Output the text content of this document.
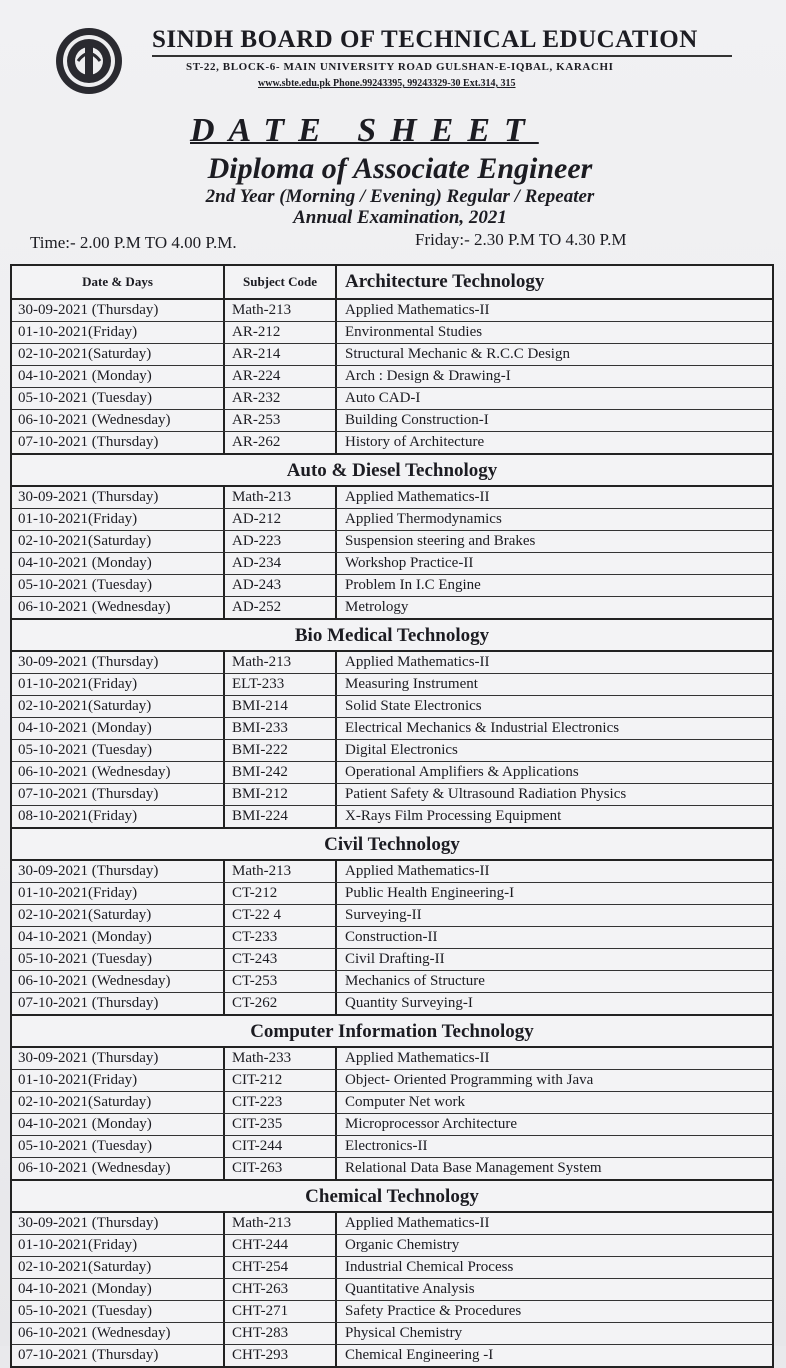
SINDH BOARD OF TECHNICAL EDUCATION
ST-22, BLOCK-6- MAIN UNIVERSITY ROAD GULSHAN-E-IQBAL, KARACHI
www.sbte.edu.pk Phone.99243395, 99243329-30 Ext.314, 315
DATE SHEET
Diploma of Associate Engineer
2nd Year (Morning / Evening) Regular / Repeater
Annual Examination, 2021
Time:- 2.00 P.M TO 4.00 P.M.	Friday:- 2.30 P.M TO 4.30 P.M
Date & Days	Subject Code	Architecture Technology
30-09-2021 (Thursday)	Math-213	Applied Mathematics-II
01-10-2021(Friday)	AR-212	Environmental Studies
02-10-2021(Saturday)	AR-214	Structural Mechanic & R.C.C Design
04-10-2021 (Monday)	AR-224	Arch : Design & Drawing-I
05-10-2021 (Tuesday)	AR-232	Auto CAD-I
06-10-2021 (Wednesday)	AR-253	Building Construction-I
07-10-2021 (Thursday)	AR-262	History of Architecture
Auto & Diesel Technology
30-09-2021 (Thursday)	Math-213	Applied Mathematics-II
01-10-2021(Friday)	AD-212	Applied Thermodynamics
02-10-2021(Saturday)	AD-223	Suspension steering and Brakes
04-10-2021 (Monday)	AD-234	Workshop Practice-II
05-10-2021 (Tuesday)	AD-243	Problem In I.C Engine
06-10-2021 (Wednesday)	AD-252	Metrology
Bio Medical Technology
30-09-2021 (Thursday)	Math-213	Applied Mathematics-II
01-10-2021(Friday)	ELT-233	Measuring Instrument
02-10-2021(Saturday)	BMI-214	Solid State Electronics
04-10-2021 (Monday)	BMI-233	Electrical Mechanics & Industrial Electronics
05-10-2021 (Tuesday)	BMI-222	Digital Electronics
06-10-2021 (Wednesday)	BMI-242	Operational Amplifiers & Applications
07-10-2021 (Thursday)	BMI-212	Patient Safety & Ultrasound Radiation Physics
08-10-2021(Friday)	BMI-224	X-Rays Film Processing Equipment
Civil Technology
30-09-2021 (Thursday)	Math-213	Applied Mathematics-II
01-10-2021(Friday)	CT-212	Public Health Engineering-I
02-10-2021(Saturday)	CT-22 4	Surveying-II
04-10-2021 (Monday)	CT-233	Construction-II
05-10-2021 (Tuesday)	CT-243	Civil Drafting-II
06-10-2021 (Wednesday)	CT-253	Mechanics of Structure
07-10-2021 (Thursday)	CT-262	Quantity Surveying-I
Computer Information Technology
30-09-2021 (Thursday)	Math-233	Applied Mathematics-II
01-10-2021(Friday)	CIT-212	Object- Oriented Programming with Java
02-10-2021(Saturday)	CIT-223	Computer Net work
04-10-2021 (Monday)	CIT-235	Microprocessor Architecture
05-10-2021 (Tuesday)	CIT-244	Electronics-II
06-10-2021 (Wednesday)	CIT-263	Relational Data Base Management System
Chemical Technology
30-09-2021 (Thursday)	Math-213	Applied Mathematics-II
01-10-2021(Friday)	CHT-244	Organic Chemistry
02-10-2021(Saturday)	CHT-254	Industrial Chemical Process
04-10-2021 (Monday)	CHT-263	Quantitative Analysis
05-10-2021 (Tuesday)	CHT-271	Safety Practice & Procedures
06-10-2021 (Wednesday)	CHT-283	Physical Chemistry
07-10-2021 (Thursday)	CHT-293	Chemical Engineering -I
